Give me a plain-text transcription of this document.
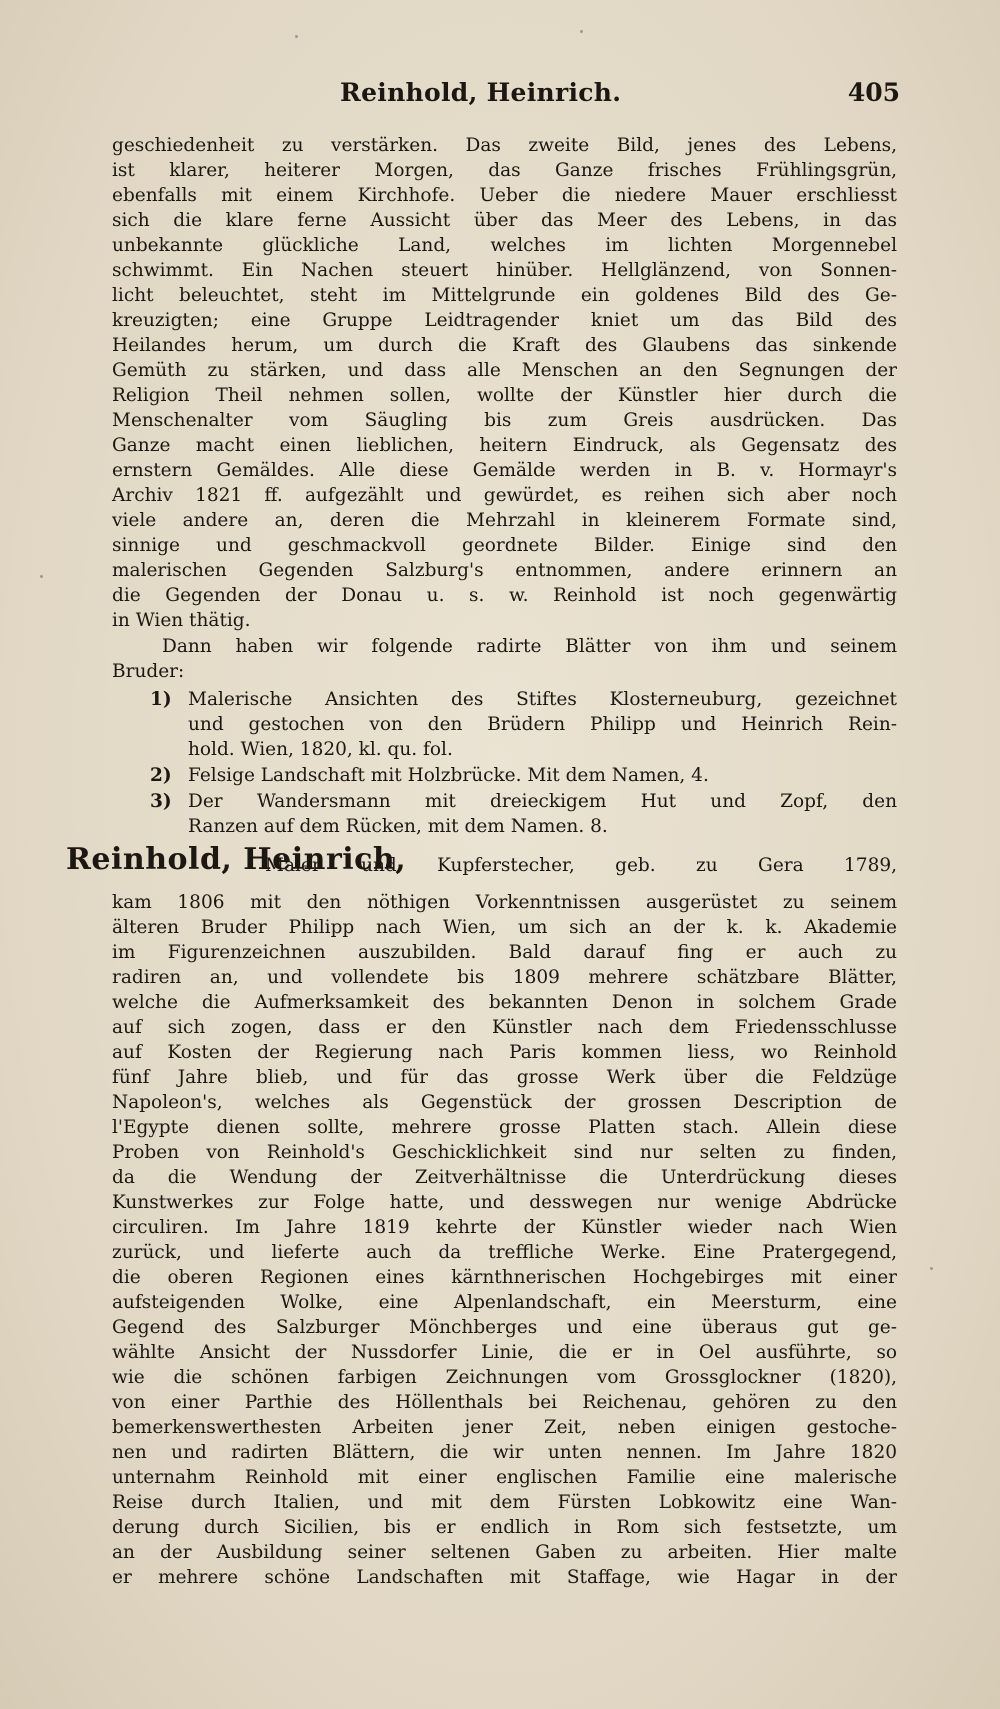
Reinhold, Heinrich.	405

geschiedenheit zu verstärken. Das zweite Bild, jenes des Lebens,

ist klarer, heiterer Morgen, das Ganze frisches Frühlingsgrün,

ebenfalls mit einem Kirchhofe. Ueber die niedere Mauer erschliesst

sich die klare ferne Aussicht über das Meer des Lebens, in das

unbekannte glückliche Land, welches im lichten Morgennebel

schwimmt. Ein Nachen steuert hinüber. Hellglänzend, von Sonnen-

licht beleuchtet, steht im Mittelgrunde ein goldenes Bild des Ge-

kreuzigten; eine Gruppe Leidtragender kniet um das Bild des

Heilandes herum, um durch die Kraft des Glaubens das sinkende

Gemüth zu stärken, und dass alle Menschen an den Segnungen der

Religion Theil nehmen sollen, wollte der Künstler hier durch die

Menschenalter vom Säugling bis zum Greis ausdrücken. Das

Ganze macht einen lieblichen, heitern Eindruck, als Gegensatz des

ernstern Gemäldes. Alle diese Gemälde werden in B. v. Hormayr's

Archiv 1821 ff. aufgezählt und gewürdet, es reihen sich aber noch

viele andere an, deren die Mehrzahl in kleinerem Formate sind,

sinnige und geschmackvoll geordnete Bilder. Einige sind den

malerischen Gegenden Salzburg's entnommen, andere erinnern an

die Gegenden der Donau u. s. w. Reinhold ist noch gegenwärtig

in Wien thätig.

Dann haben wir folgende radirte Blätter von ihm und seinem

Bruder:

1) Malerische Ansichten des Stiftes Klosterneuburg, gezeichnet

und gestochen von den Brüdern Philipp und Heinrich Rein-

hold. Wien, 1820, kl. qu. fol.

2) Felsige Landschaft mit Holzbrücke. Mit dem Namen, 4.

3) Der Wandersmann mit dreieckigem Hut und Zopf, den

Ranzen auf dem Rücken, mit dem Namen. 8.

Reinhold, Heinrich,

Maler und Kupferstecher, geb. zu Gera 1789,

kam 1806 mit den nöthigen Vorkenntnissen ausgerüstet zu seinem

älteren Bruder Philipp nach Wien, um sich an der k. k. Akademie

im Figurenzeichnen auszubilden. Bald darauf fing er auch zu

radiren an, und vollendete bis 1809 mehrere schätzbare Blätter,

welche die Aufmerksamkeit des bekannten Denon in solchem Grade

auf sich zogen, dass er den Künstler nach dem Friedensschlusse

auf Kosten der Regierung nach Paris kommen liess, wo Reinhold

fünf Jahre blieb, und für das grosse Werk über die Feldzüge

Napoleon's, welches als Gegenstück der grossen Description de

l'Egypte dienen sollte, mehrere grosse Platten stach. Allein diese

Proben von Reinhold's Geschicklichkeit sind nur selten zu finden,

da die Wendung der Zeitverhältnisse die Unterdrückung dieses

Kunstwerkes zur Folge hatte, und desswegen nur wenige Abdrücke

circuliren. Im Jahre 1819 kehrte der Künstler wieder nach Wien

zurück, und lieferte auch da treffliche Werke. Eine Pratergegend,

die oberen Regionen eines kärnthnerischen Hochgebirges mit einer

aufsteigenden Wolke, eine Alpenlandschaft, ein Meersturm, eine

Gegend des Salzburger Mönchberges und eine überaus gut ge-

wählte Ansicht der Nussdorfer Linie, die er in Oel ausführte, so

wie die schönen farbigen Zeichnungen vom Grossglockner (1820),

von einer Parthie des Höllenthals bei Reichenau, gehören zu den

bemerkenswerthesten Arbeiten jener Zeit, neben einigen gestoche-

nen und radirten Blättern, die wir unten nennen. Im Jahre 1820

unternahm Reinhold mit einer englischen Familie eine malerische

Reise durch Italien, und mit dem Fürsten Lobkowitz eine Wan-

derung durch Sicilien, bis er endlich in Rom sich festsetzte, um

an der Ausbildung seiner seltenen Gaben zu arbeiten. Hier malte

er mehrere schöne Landschaften mit Staffage, wie Hagar in der
